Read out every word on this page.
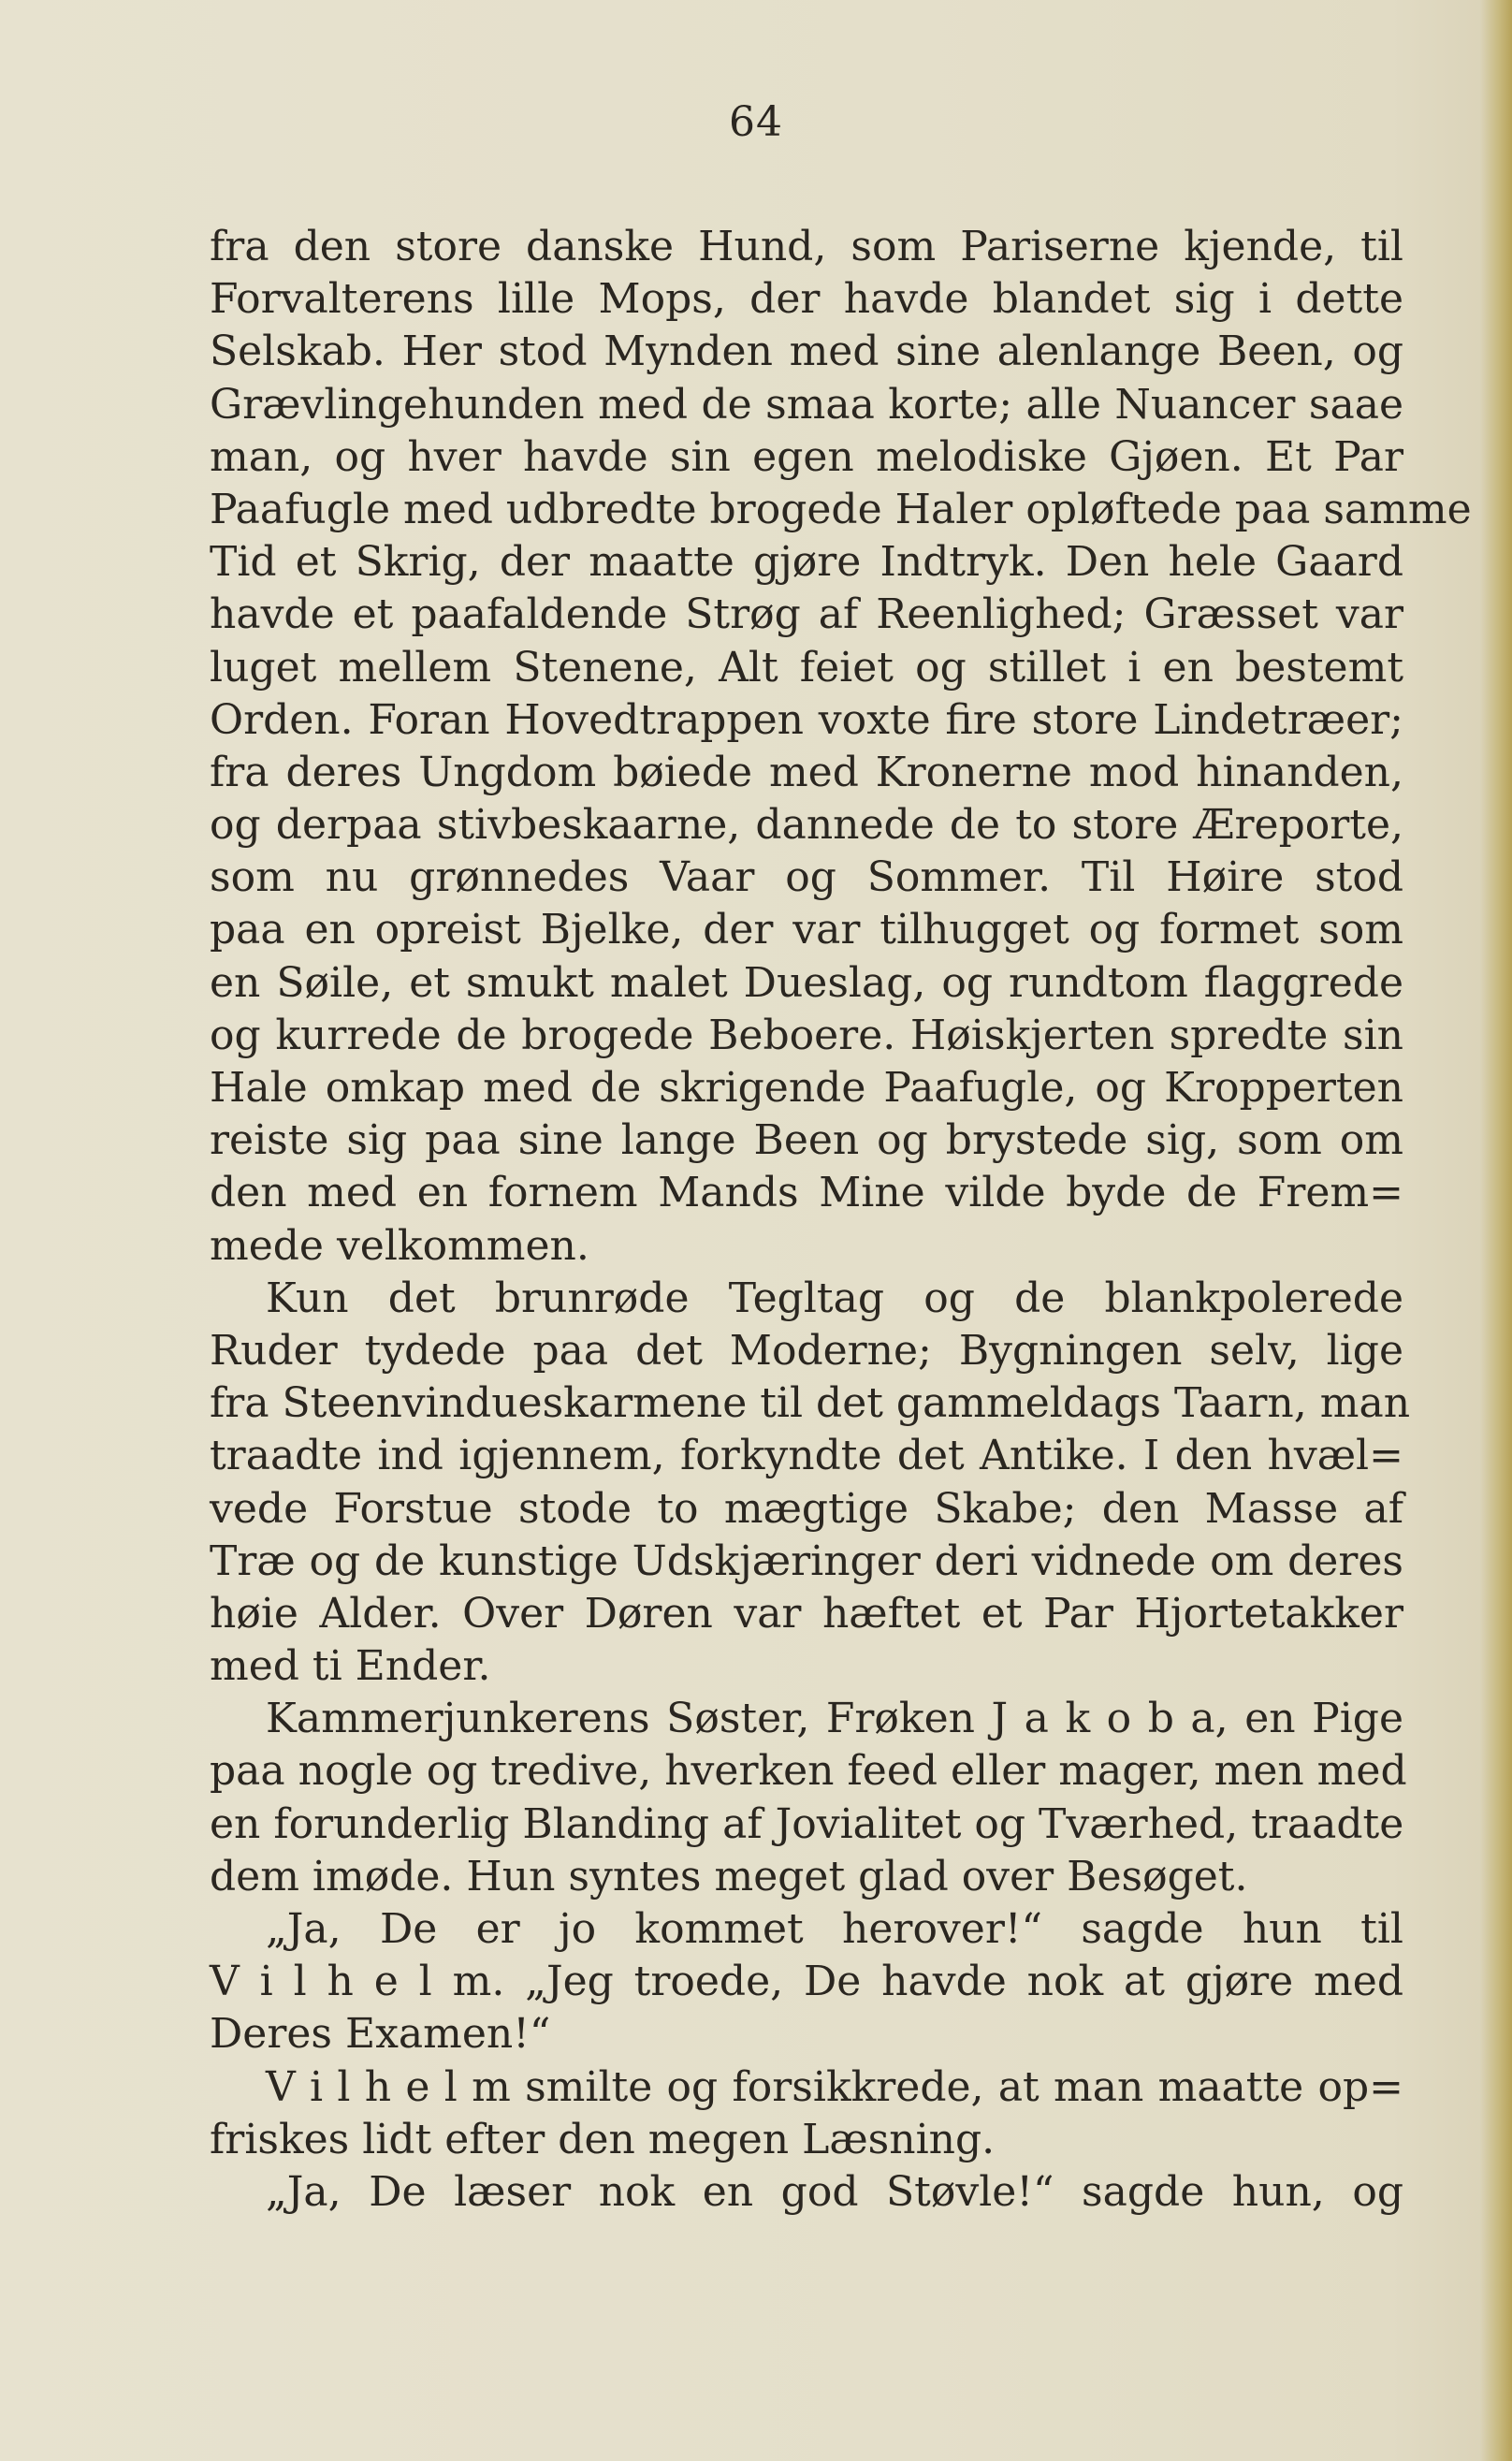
64
fra den store danske Hund, som Pariserne kjende, til
Forvalterens lille Mops, der havde blandet sig i dette
Selskab. Her stod Mynden med sine alenlange Been, og
Grævlingehunden med de smaa korte; alle Nuancer saae
man, og hver havde sin egen melodiske Gjøen. Et Par
Paafugle med udbredte brogede Haler opløftede paa samme
Tid et Skrig, der maatte gjøre Indtryk. Den hele Gaard
havde et paafaldende Strøg af Reenlighed; Græsset var
luget mellem Stenene, Alt feiet og stillet i en bestemt
Orden. Foran Hovedtrappen voxte fire store Lindetræer;
fra deres Ungdom bøiede med Kronerne mod hinanden,
og derpaa stivbeskaarne, dannede de to store Æreporte,
som nu grønnedes Vaar og Sommer. Til Høire stod
paa en opreist Bjelke, der var tilhugget og formet som
en Søile, et smukt malet Dueslag, og rundtom flaggrede
og kurrede de brogede Beboere. Høiskjerten spredte sin
Hale omkap med de skrigende Paafugle, og Kropperten
reiste sig paa sine lange Been og brystede sig, som om
den med en fornem Mands Mine vilde byde de Frem=
mede velkommen.
Kun det brunrøde Tegltag og de blankpolerede
Ruder tydede paa det Moderne; Bygningen selv, lige
fra Steenvindueskarmene til det gammeldags Taarn, man
traadte ind igjennem, forkyndte det Antike. I den hvæl=
vede Forstue stode to mægtige Skabe; den Masse af
Træ og de kunstige Udskjæringer deri vidnede om deres
høie Alder. Over Døren var hæftet et Par Hjortetakker
med ti Ender.
Kammerjunkerens Søster, Frøken J a k o b a, en Pige
paa nogle og tredive, hverken feed eller mager, men med
en forunderlig Blanding af Jovialitet og Tværhed, traadte
dem imøde. Hun syntes meget glad over Besøget.
„Ja, De er jo kommet herover!“ sagde hun til
V i l h e l m. „Jeg troede, De havde nok at gjøre med
Deres Examen!“
V i l h e l m smilte og forsikkrede, at man maatte op=
friskes lidt efter den megen Læsning.
„Ja, De læser nok en god Støvle!“ sagde hun, og
